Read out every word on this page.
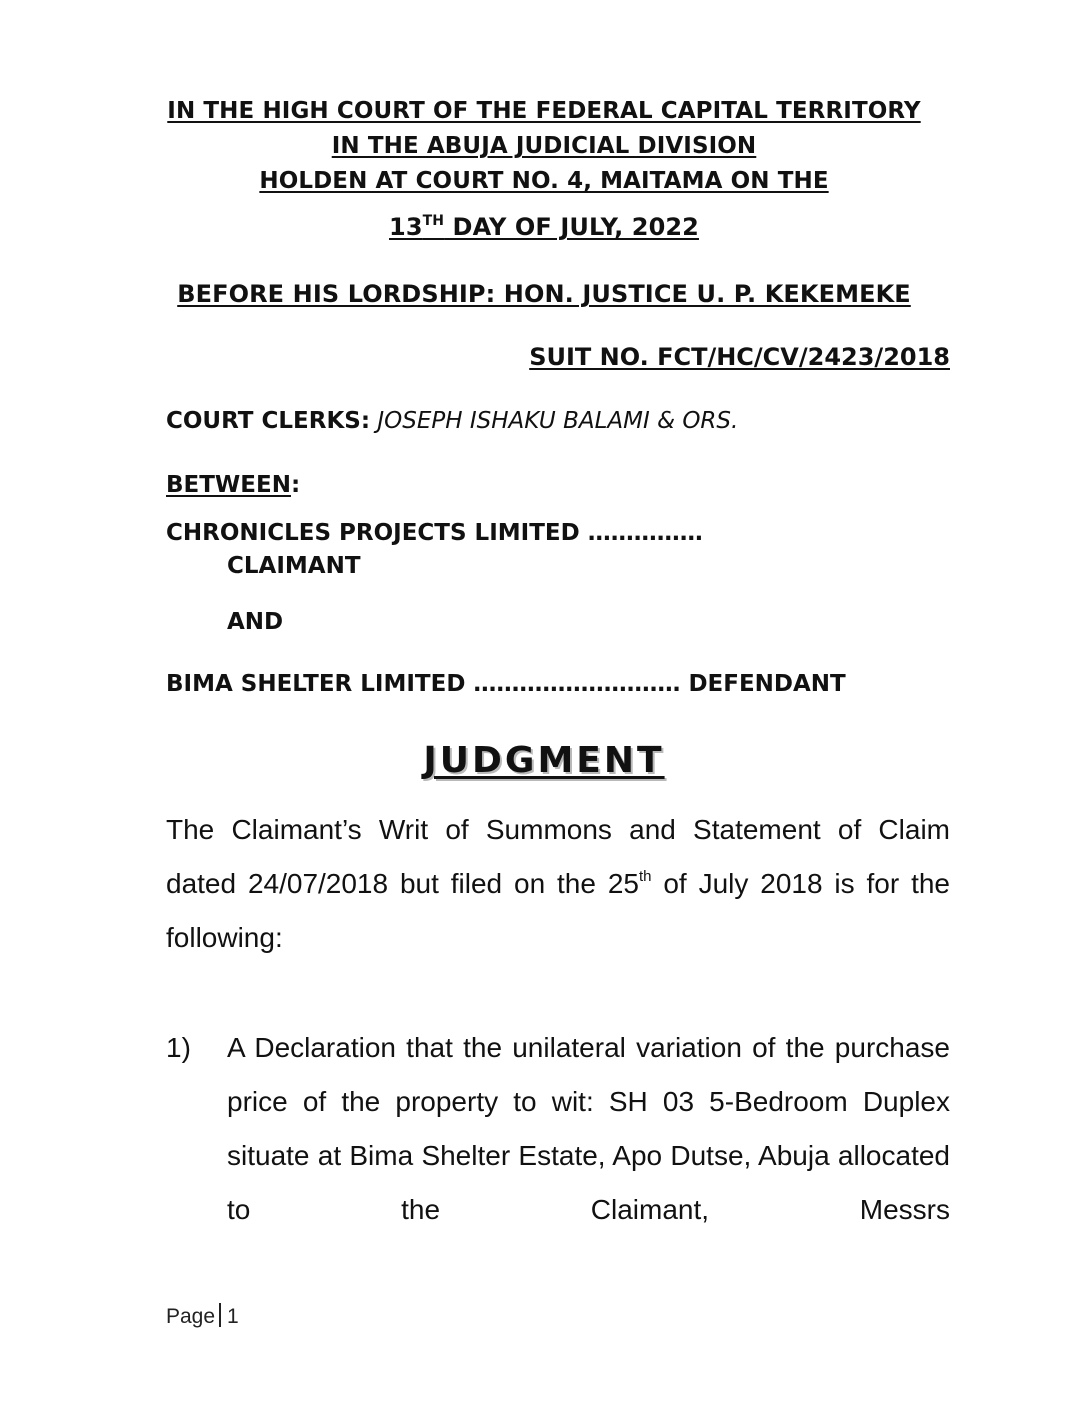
IN THE HIGH COURT OF THE FEDERAL CAPITAL TERRITORY
IN THE ABUJA JUDICIAL DIVISION
HOLDEN AT COURT NO. 4, MAITAMA ON THE
13TH DAY OF JULY, 2022
BEFORE HIS LORDSHIP: HON. JUSTICE U. P. KEKEMEKE
SUIT NO. FCT/HC/CV/2423/2018
COURT CLERKS: JOSEPH ISHAKU BALAMI & ORS.
BETWEEN:
CHRONICLES PROJECTS LIMITED ……………
CLAIMANT
AND
BIMA SHELTER LIMITED ……………………… DEFENDANT
JUDGMENT
The Claimant’s Writ of Summons and Statement of Claim dated 24/07/2018 but filed on the 25th of July 2018 is for the following:
1) A Declaration that the unilateral variation of the purchase price of the property to wit: SH 03 5-Bedroom Duplex situate at Bima Shelter Estate, Apo Dutse, Abuja allocated to the Claimant, Messrs
Page 1
